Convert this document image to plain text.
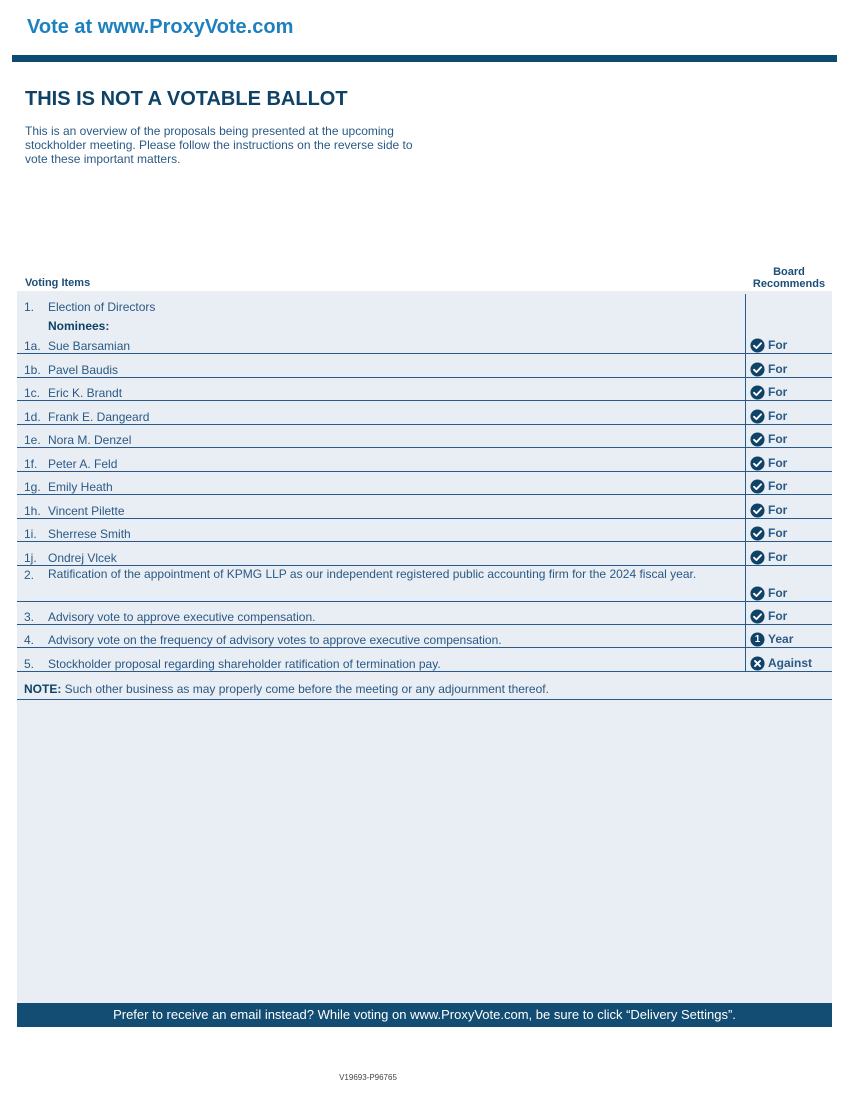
Vote at www.ProxyVote.com
THIS IS NOT A VOTABLE BALLOT
This is an overview of the proposals being presented at the upcoming stockholder meeting. Please follow the instructions on the reverse side to vote these important matters.
Voting Items
Board Recommends
1.	Election of Directors	
	Nominees:	
1a.	Sue Barsamian	For

1b.	Pavel Baudis	For

1c.	Eric K. Brandt	For

1d.	Frank E. Dangeard	For

1e.	Nora M. Denzel	For

1f.	Peter A. Feld	For

1g.	Emily Heath	For

1h.	Vincent Pilette	For

1i.	Sherrese Smith	For

1j.	Ondrej Vlcek	For

2.	Ratification of the appointment of KPMG LLP as our independent registered public accounting firm for the 2024 fiscal year.	For

3.	Advisory vote to approve executive compensation.	For

4.	Advisory vote on the frequency of advisory votes to approve executive compensation.	1 Year

5.	Stockholder proposal regarding shareholder ratification of termination pay.	Against
NOTE: Such other business as may properly come before the meeting or any adjournment thereof.
Prefer to receive an email instead? While voting on www.ProxyVote.com, be sure to click “Delivery Settings”.
V19693-P96765
